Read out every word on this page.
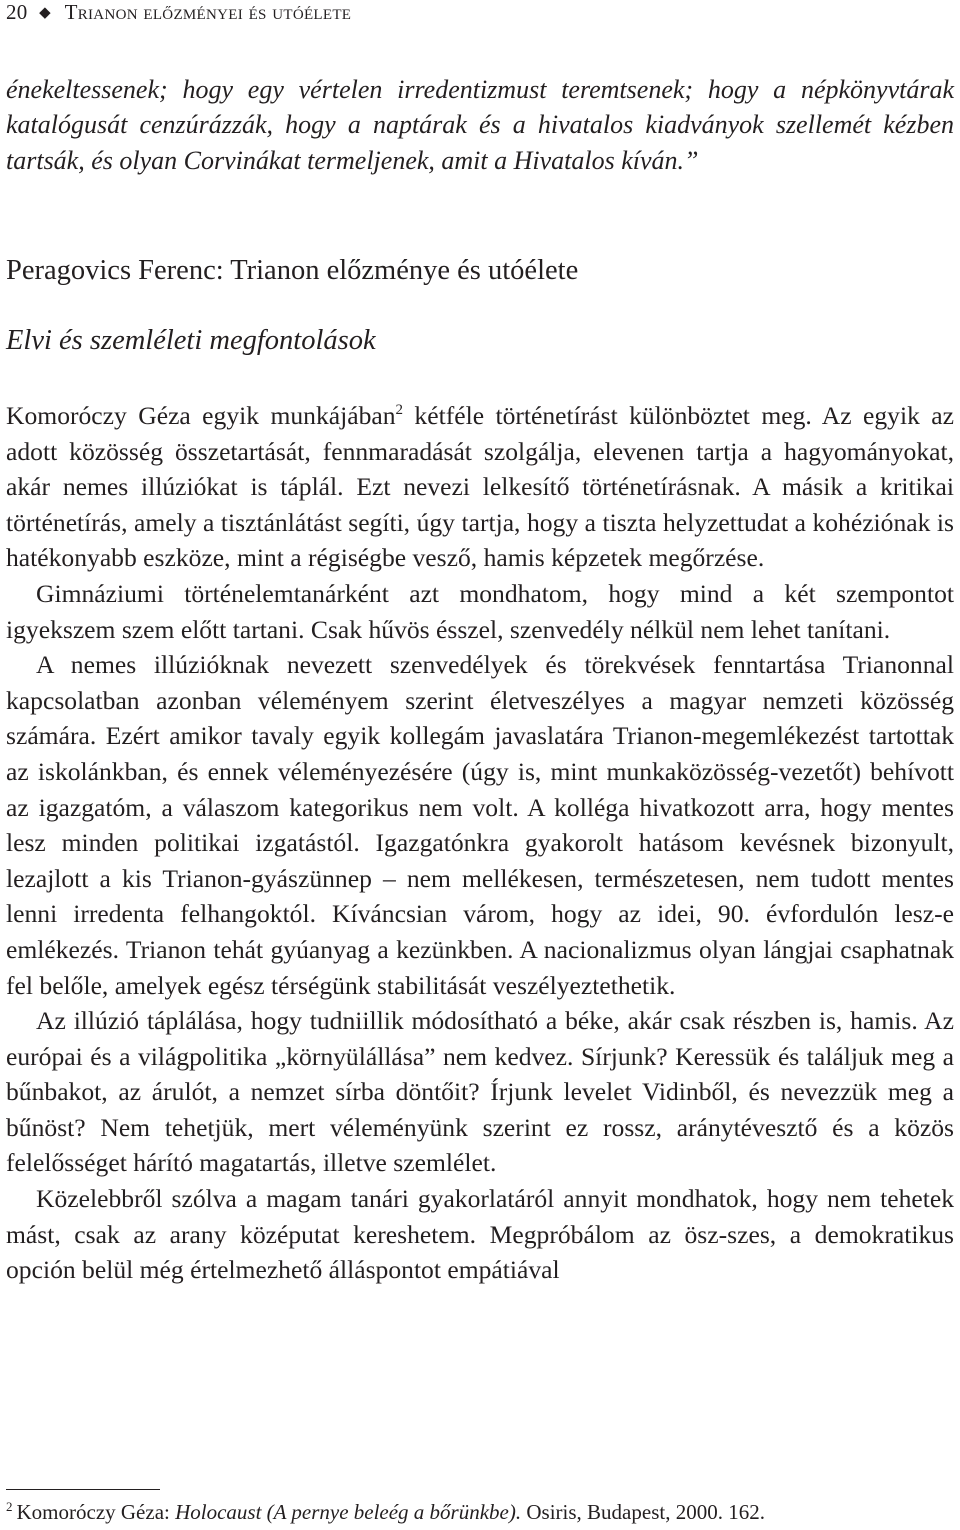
20 ◆ Trianon előzményei és utóélete
énekeltessenek; hogy egy vértelen irredentizmust teremtsenek; hogy a népkönyvtárak katalógusát cenzúrázzák, hogy a naptárak és a hivatalos kiadványok szellemét kézben tartsák, és olyan Corvinákat termeljenek, amit a Hivatalos kíván.”
Peragovics Ferenc: Trianon előzménye és utóélete
Elvi és szemléleti megfontolások

Komoróczy Géza egyik munkájában$^2$ kétféle történetírást különböztet meg. Az egyik az adott közösség összetartását, fennmaradását szolgálja, elevenen tartja a hagyományokat, akár nemes illúziókat is táplál. Ezt nevezi lelkesítő történetírásnak. A másik a kritikai történetírás, amely a tisztánlátást segíti, úgy tartja, hogy a tiszta helyzettudat a kohéziónak is hatékonyabb eszköze, mint a régiségbe vesző, hamis képzetek megőrzése.

Gimnáziumi történelemtanárként azt mondhatom, hogy mind a két szempontot igyekszem szem előtt tartani. Csak hűvös ésszel, szenvedély nélkül nem lehet tanítani.

A nemes illúzióknak nevezett szenvedélyek és törekvések fenntartása Trianonnal kapcsolatban azonban véleményem szerint életveszélyes a magyar nemzeti közösség számára. Ezért amikor tavaly egyik kollegám javaslatára Trianon-megemlékezést tartottak az iskolánkban, és ennek véleményezésére (úgy is, mint munkaközösség-vezetőt) behívott az igazgatóm, a válaszom kategorikus nem volt. A kolléga hivatkozott arra, hogy mentes lesz minden politikai izgatástól. Igazgatónkra gyakorolt hatásom kevésnek bizonyult, lezajlott a kis Trianon-gyászünnep – nem mellékesen, természetesen, nem tudott mentes lenni irredenta felhangoktól. Kíváncsian várom, hogy az idei, 90. évfordulón lesz-e emlékezés. Trianon tehát gyúanyag a kezünkben. A nacionalizmus olyan lángjai csaphatnak fel belőle, amelyek egész térségünk stabilitását veszélyeztethetik.

Az illúzió táplálása, hogy tudniillik módosítható a béke, akár csak részben is, hamis. Az európai és a világpolitika „környülállása” nem kedvez. Sírjunk? Keressük és találjuk meg a bűnbakot, az árulót, a nemzet sírba döntőit? Írjunk levelet Vidinből, és nevezzük meg a bűnöst? Nem tehetjük, mert véleményünk szerint ez rossz, aránytévesztő és a közös felelősséget hárító magatartás, illetve szemlélet.

Közelebbről szólva a magam tanári gyakorlatáról annyit mondhatok, hogy nem tehetek mást, csak az arany középutat kereshetem. Megpróbálom az ösz-szes, a demokratikus opción belül még értelmezhető álláspontot empátiával

$^2$ Komoróczy Géza: Holocaust (A pernye beleég a bőrünkbe). Osiris, Budapest, 2000. 162.
